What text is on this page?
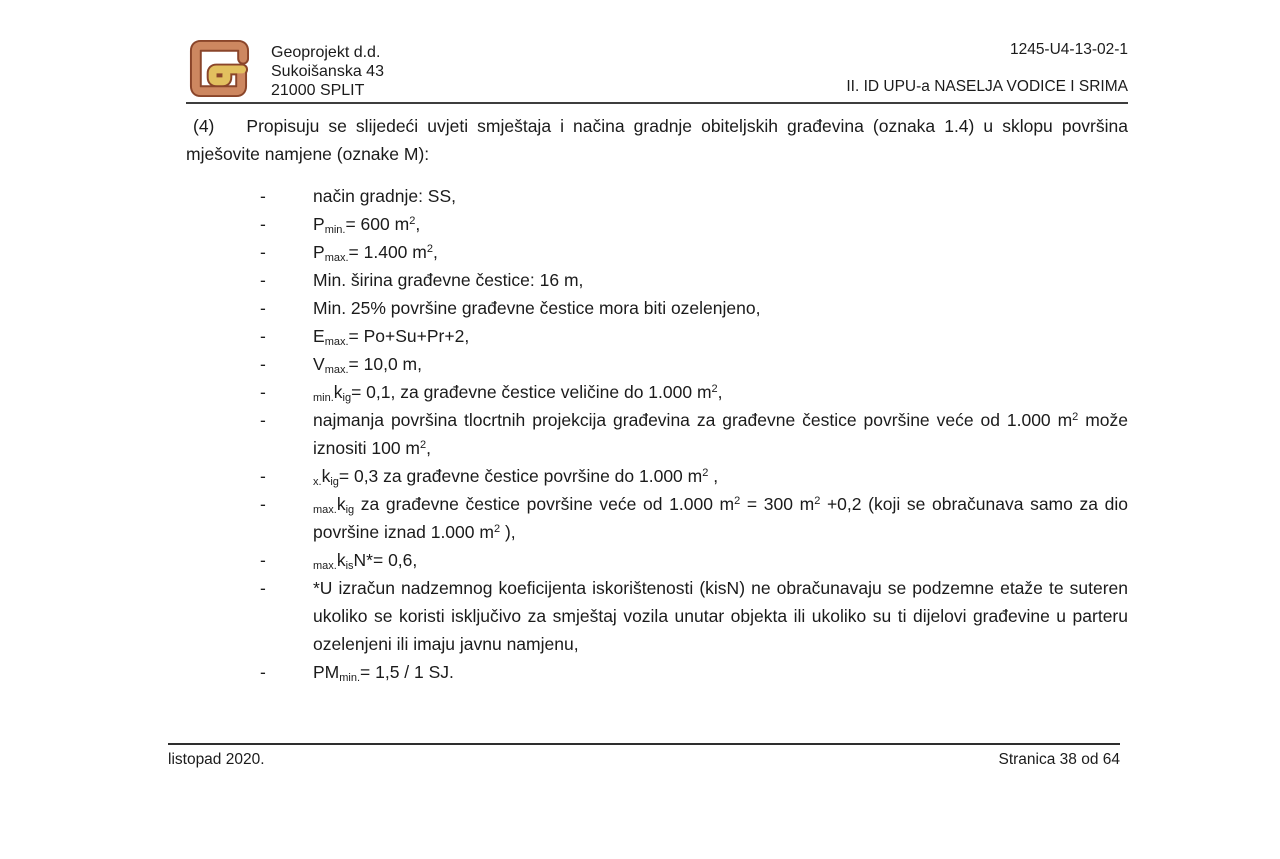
Geoprojekt d.d.
Sukoišanska 43
21000 SPLIT
1245-U4-13-02-1
II. ID UPU-a NASELJA VODICE I SRIMA

(4) Propisuju se slijedeći uvjeti smještaja i načina gradnje obiteljskih građevina (oznaka 1.4) u sklopu površina mješovite namjene (oznake M):

-	način gradnje: SS,
-	$P_{min.}= 600$ $m^2$,
-	$P_{max.}= 1.400$ $m^2$,
-	Min. širina građevne čestice: 16 m,
-	Min. 25% površine građevne čestice mora biti ozelenjeno,
-	$E_{max.}= Po+Su+Pr+2$,
-	$V_{max.}= 10,0$ m,
-	$_{min.}k_{ig}= 0,1$, za građevne čestice veličine do 1.000 $m^2$,
-	najmanja površina tlocrtnih projekcija građevina za građevne čestice površine veće od 1.000 $m^2$ može iznositi 100 $m^2$,
-	$_{x.}k_{ig}= 0,3$ za građevne čestice površine do 1.000 $m^2$ ,
-	$_{max.}k_{ig}$ za građevne čestice površine veće od 1.000 $m^2 = 300$ $m^2 +0,2$ (koji se obračunava samo za dio površine iznad 1.000 $m^2$ ),
-	$_{max.}k_{is}N*= 0,6$,
-	*U izračun nadzemnog koeficijenta iskorištenosti (kisN) ne obračunavaju se podzemne etaže te suteren ukoliko se koristi isključivo za smještaj vozila unutar objekta ili ukoliko su ti dijelovi građevine u parteru ozelenjeni ili imaju javnu namjenu,
-	$PM_{min.}= 1,5 / 1$ SJ.
listopad 2020.	Stranica 38 od 64
